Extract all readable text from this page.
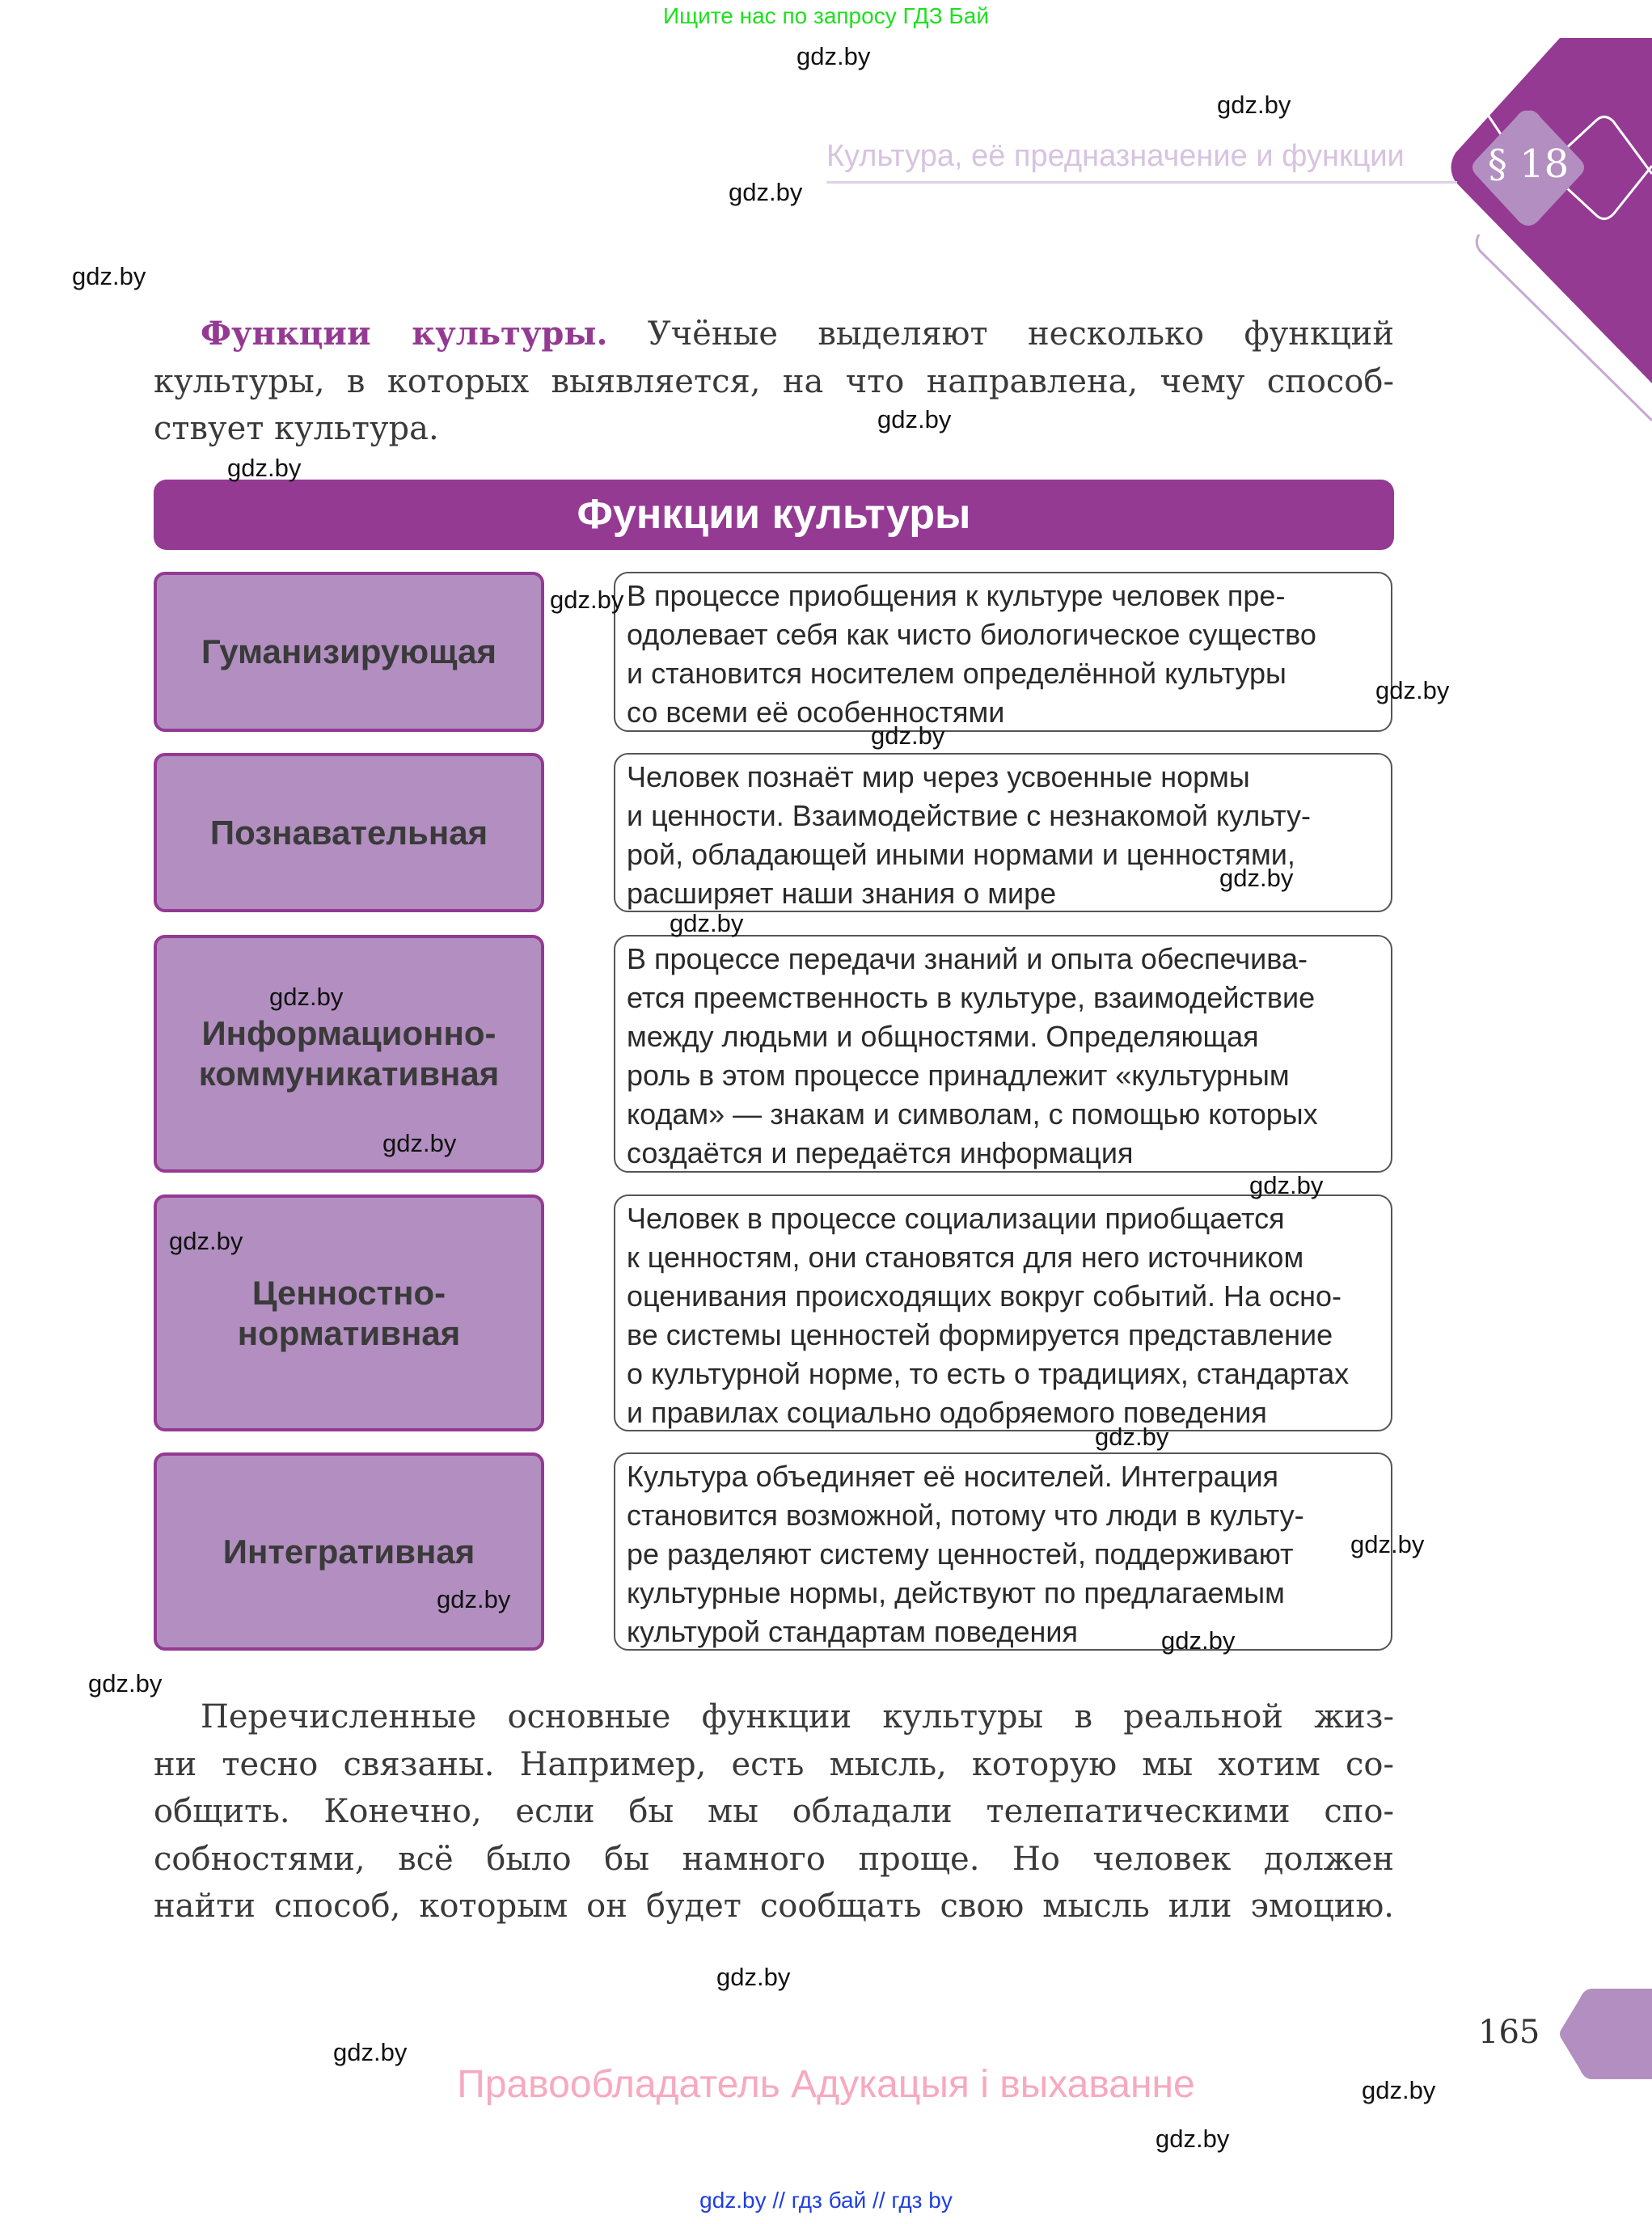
Ищите нас по запросу ГДЗ Бай
§ 18
Культура, её предназначение и функции
Функции культуры. Учёные выделяют несколько функций
культуры, в которых выявляется, на что направлена, чему способ-
ствует культура.
Функции культуры
Гуманизирующая
В процессе приобщения к культуре человек пре-
одолевает себя как чисто биологическое существо
и становится носителем определённой культуры
со всеми её особенностями
Познавательная
Человек познаёт мир через усвоенные нормы
и ценности. Взаимодействие с незнакомой культу-
рой, обладающей иными нормами и ценностями,
расширяет наши знания о мире
Информационно-
коммуникативная
В процессе передачи знаний и опыта обеспечива-
ется преемственность в культуре, взаимодействие
между людьми и общностями. Определяющая
роль в этом процессе принадлежит «культурным
кодам» — знакам и символам, с помощью которых
создаётся и передаётся информация
Ценностно-
нормативная
Человек в процессе социализации приобщается
к ценностям, они становятся для него источником
оценивания происходящих вокруг событий. На осно-
ве системы ценностей формируется представление
о культурной норме, то есть о традициях, стандартах
и правилах социально одобряемого поведения
Интегративная
Культура объединяет её носителей. Интеграция
становится возможной, потому что люди в культу-
ре разделяют систему ценностей, поддерживают
культурные нормы, действуют по предлагаемым
культурой стандартам поведения
Перечисленные основные функции культуры в реальной жиз-
ни тесно связаны. Например, есть мысль, которую мы хотим со-
общить. Конечно, если бы мы обладали телепатическими спо-
собностями, всё было бы намного проще. Но человек должен
найти способ, которым он будет сообщать свою мысль или эмоцию.
165
Правообладатель Адукацыя і выхаванне
gdz.by // гдз бай // гдз by
gdz.by
gdz.by
gdz.by
gdz.by
gdz.by
gdz.by
gdz.by
gdz.by
gdz.by
gdz.by
gdz.by
gdz.by
gdz.by
gdz.by
gdz.by
gdz.by
gdz.by
gdz.by
gdz.by
gdz.by
gdz.by
gdz.by
gdz.by
gdz.by
